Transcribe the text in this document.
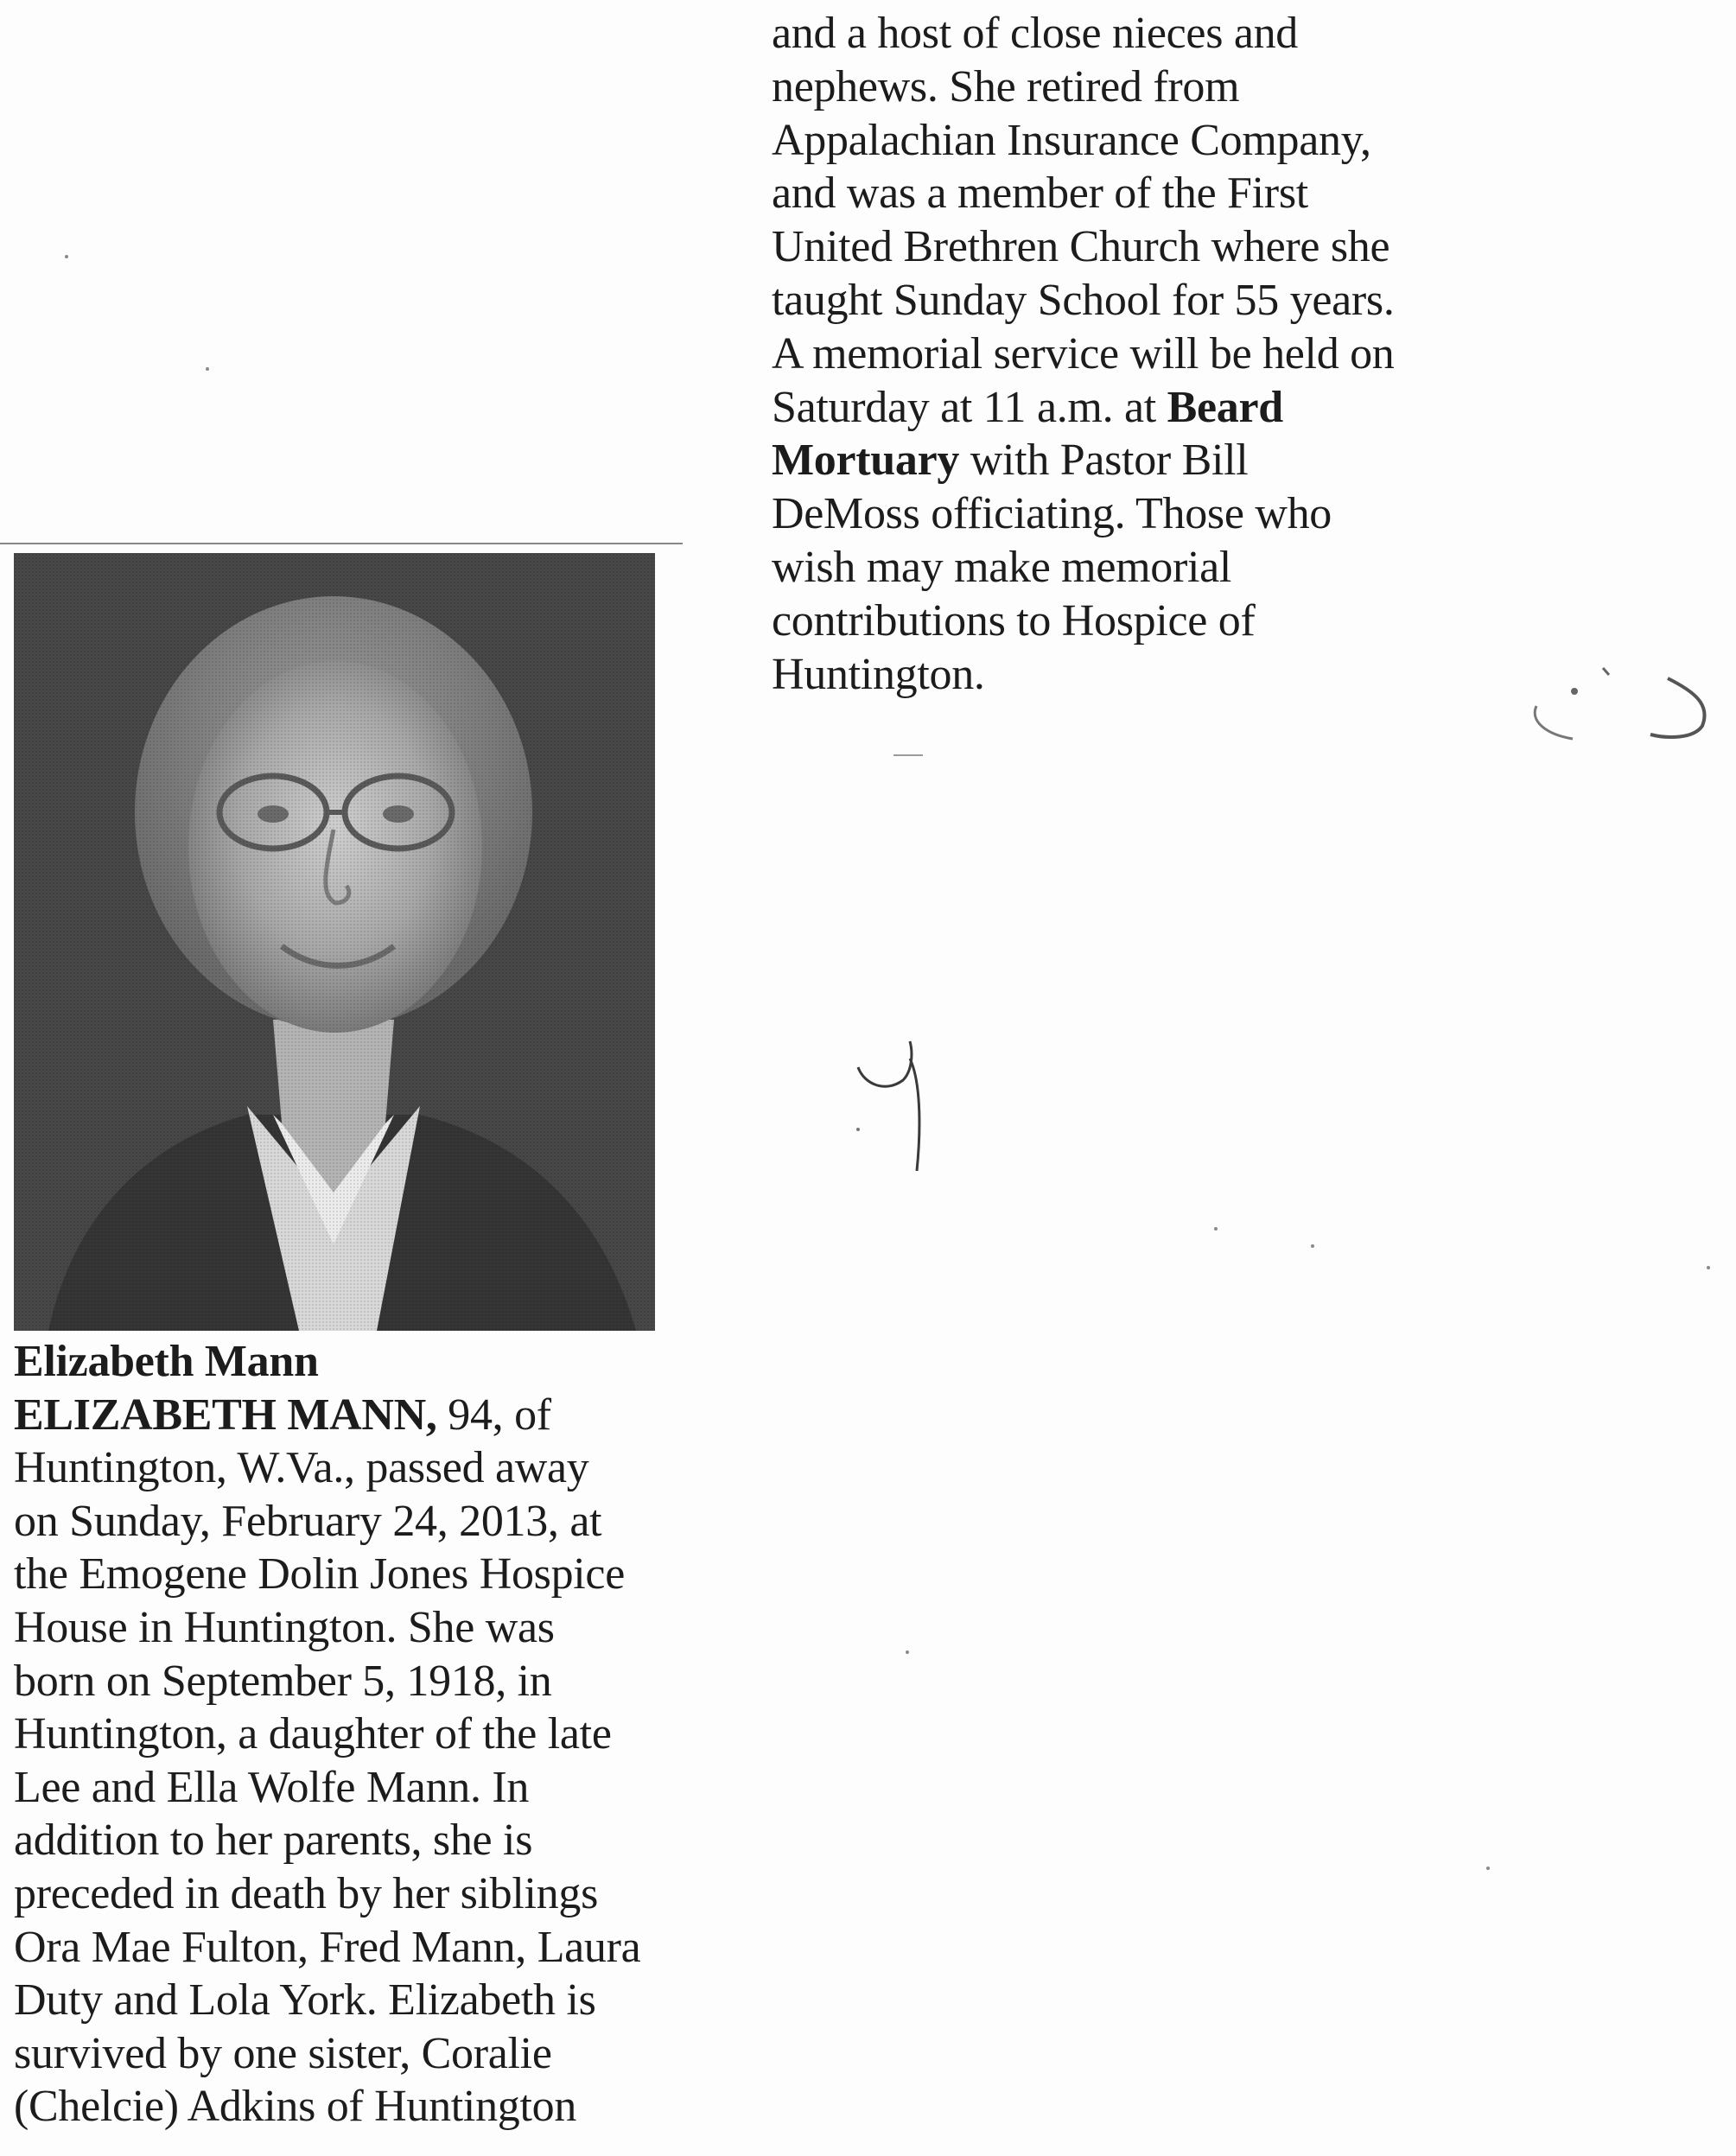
and a host of close nieces and
nephews. She retired from
Appalachian Insurance Company,
and was a member of the First
United Brethren Church where she
taught Sunday School for 55 years.
A memorial service will be held on
Saturday at 11 a.m. at Beard
Mortuary with Pastor Bill
DeMoss officiating. Those who
wish may make memorial
contributions to Hospice of
Huntington.
Elizabeth Mann
ELIZABETH MANN, 94, of
Huntington, W.Va., passed away
on Sunday, February 24, 2013, at
the Emogene Dolin Jones Hospice
House in Huntington. She was
born on September 5, 1918, in
Huntington, a daughter of the late
Lee and Ella Wolfe Mann. In
addition to her parents, she is
preceded in death by her siblings
Ora Mae Fulton, Fred Mann, Laura
Duty and Lola York. Elizabeth is
survived by one sister, Coralie
(Chelcie) Adkins of Huntington
